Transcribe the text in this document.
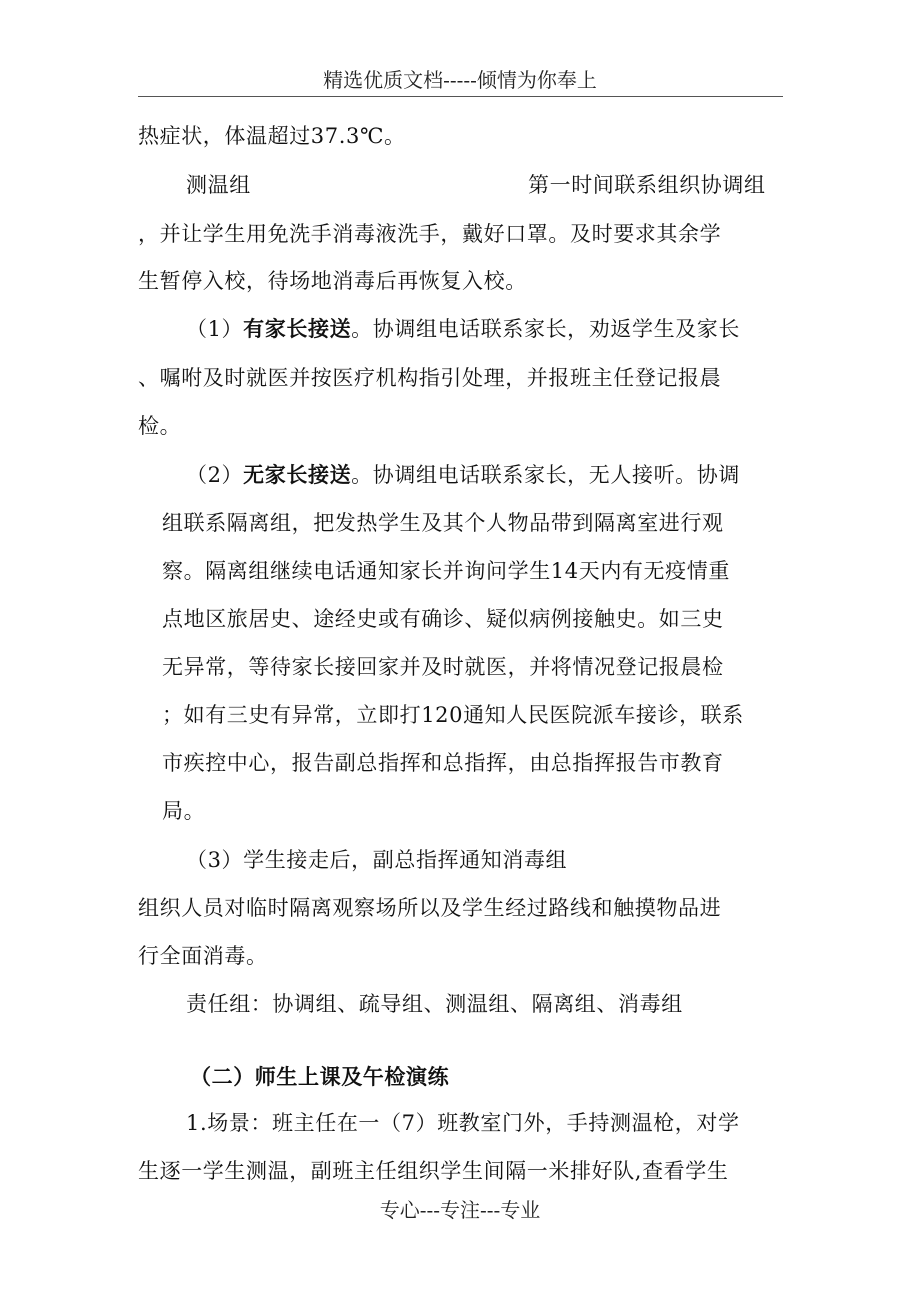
精选优质文档-----倾情为你奉上
热症状，体温超过37.3℃。
测温组	第一时间联系组织协调组
，并让学生用免洗手消毒液洗手，戴好口罩。及时要求其余学
生暂停入校，待场地消毒后再恢复入校。
（1）有家长接送。协调组电话联系家长，劝返学生及家长
、嘱咐及时就医并按医疗机构指引处理，并报班主任登记报晨
检。
（2）无家长接送。协调组电话联系家长，无人接听。协调
组联系隔离组，把发热学生及其个人物品带到隔离室进行观
察。隔离组继续电话通知家长并询问学生14天内有无疫情重
点地区旅居史、途经史或有确诊、疑似病例接触史。如三史
无异常，等待家长接回家并及时就医，并将情况登记报晨检
；如有三史有异常，立即打120通知人民医院派车接诊，联系
市疾控中心，报告副总指挥和总指挥，由总指挥报告市教育
局。
（3）学生接走后，副总指挥通知消毒组
组织人员对临时隔离观察场所以及学生经过路线和触摸物品进
行全面消毒。
责任组：协调组、疏导组、测温组、隔离组、消毒组
（二）师生上课及午检演练
1.场景：班主任在一（7）班教室门外，手持测温枪，对学
生逐一学生测温，副班主任组织学生间隔一米排好队,查看学生
专心---专注---专业
